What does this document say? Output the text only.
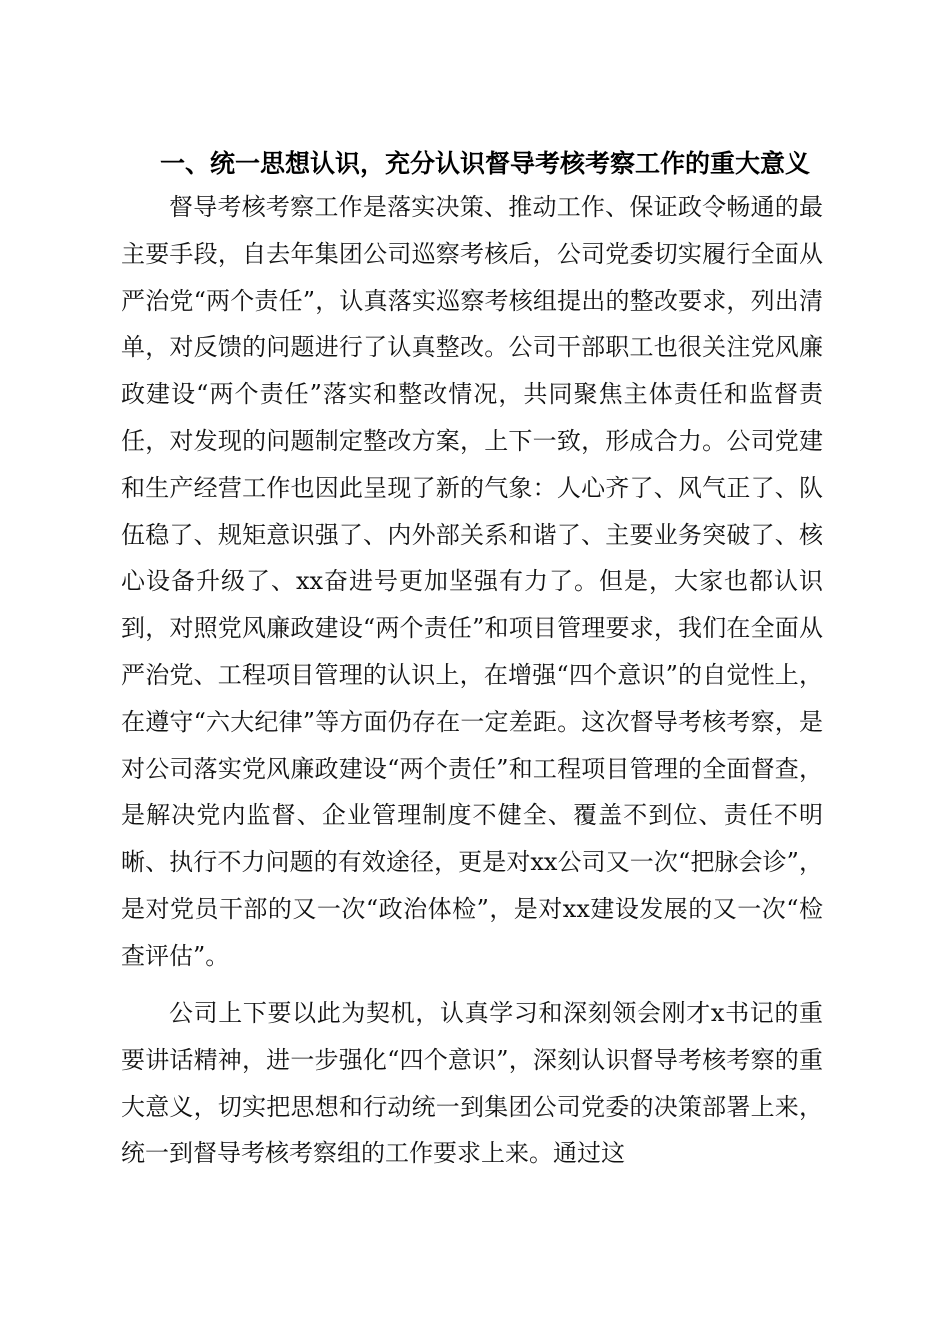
一、统一思想认识，充分认识督导考核考察工作的重大意义

督导考核考察工作是落实决策、推动工作、保证政令畅通的最主要手段，自去年集团公司巡察考核后，公司党委切实履行全面从严治党“两个责任”，认真落实巡察考核组提出的整改要求，列出清单，对反馈的问题进行了认真整改。公司干部职工也很关注党风廉政建设“两个责任”落实和整改情况，共同聚焦主体责任和监督责任，对发现的问题制定整改方案，上下一致，形成合力。公司党建和生产经营工作也因此呈现了新的气象：人心齐了、风气正了、队伍稳了、规矩意识强了、内外部关系和谐了、主要业务突破了、核心设备升级了、xx奋进号更加坚强有力了。但是，大家也都认识到，对照党风廉政建设“两个责任”和项目管理要求，我们在全面从严治党、工程项目管理的认识上，在增强“四个意识”的自觉性上，在遵守“六大纪律”等方面仍存在一定差距。这次督导考核考察，是对公司落实党风廉政建设“两个责任”和工程项目管理的全面督查，是解决党内监督、企业管理制度不健全、覆盖不到位、责任不明晰、执行不力问题的有效途径，更是对xx公司又一次“把脉会诊”，是对党员干部的又一次“政治体检”，是对xx建设发展的又一次“检查评估”。

公司上下要以此为契机，认真学习和深刻领会刚才x书记的重要讲话精神，进一步强化“四个意识”，深刻认识督导考核考察的重大意义，切实把思想和行动统一到集团公司党委的决策部署上来，统一到督导考核考察组的工作要求上来。通过这
